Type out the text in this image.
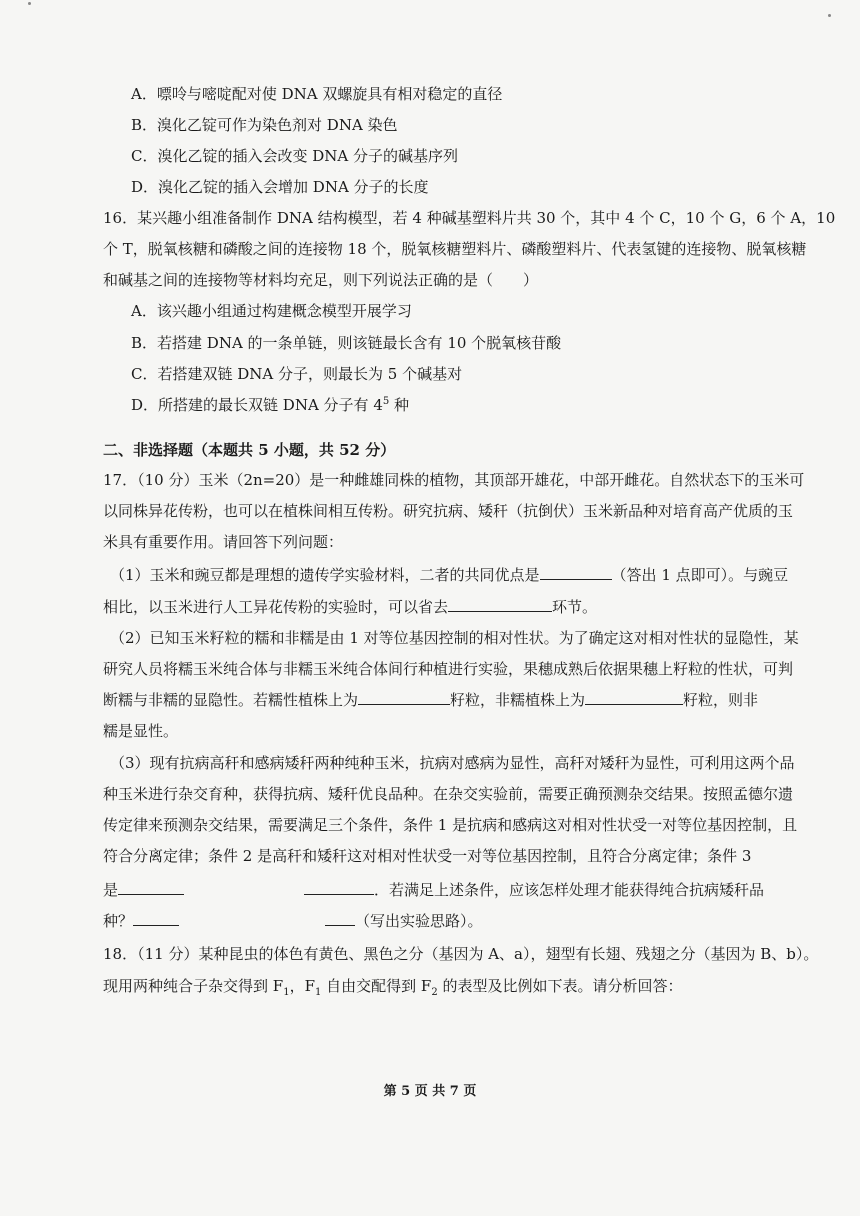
A．嘌呤与嘧啶配对使 DNA 双螺旋具有相对稳定的直径
B．溴化乙锭可作为染色剂对 DNA 染色
C．溴化乙锭的插入会改变 DNA 分子的碱基序列
D．溴化乙锭的插入会增加 DNA 分子的长度
16．某兴趣小组准备制作 DNA 结构模型，若 4 种碱基塑料片共 30 个，其中 4 个 C，10 个 G，6 个 A，10
个 T，脱氧核糖和磷酸之间的连接物 18 个，脱氧核糖塑料片、磷酸塑料片、代表氢键的连接物、脱氧核糖
和碱基之间的连接物等材料均充足，则下列说法正确的是（　　）
A．该兴趣小组通过构建概念模型开展学习
B．若搭建 DNA 的一条单链，则该链最长含有 10 个脱氧核苷酸
C．若搭建双链 DNA 分子，则最长为 5 个碱基对
D．所搭建的最长双链 DNA 分子有 $4^5$ 种
二、非选择题（本题共 5 小题，共 52 分）
17．（10 分）玉米（2n=20）是一种雌雄同株的植物，其顶部开雄花，中部开雌花。自然状态下的玉米可
以同株异花传粉，也可以在植株间相互传粉。研究抗病、矮秆（抗倒伏）玉米新品种对培育高产优质的玉
米具有重要作用。请回答下列问题：
（1）玉米和豌豆都是理想的遗传学实验材料，二者的共同优点是	（答出 1 点即可）。与豌豆
相比，以玉米进行人工异花传粉的实验时，可以省去	环节。
（2）已知玉米籽粒的糯和非糯是由 1 对等位基因控制的相对性状。为了确定这对相对性状的显隐性，某
研究人员将糯玉米纯合体与非糯玉米纯合体间行种植进行实验，果穗成熟后依据果穗上籽粒的性状，可判
断糯与非糯的显隐性。若糯性植株上为	籽粒，非糯植株上为	籽粒，则非
糯是显性。
（3）现有抗病高秆和感病矮秆两种纯种玉米，抗病对感病为显性，高秆对矮秆为显性，可利用这两个品
种玉米进行杂交育种，获得抗病、矮秆优良品种。在杂交实验前，需要正确预测杂交结果。按照孟德尔遗
传定律来预测杂交结果，需要满足三个条件，条件 1 是抗病和感病这对相对性状受一对等位基因控制，且
符合分离定律；条件 2 是高秆和矮秆这对相对性状受一对等位基因控制，且符合分离定律；条件 3
是	．若满足上述条件，应该怎样处理才能获得纯合抗病矮秆品
种？	（写出实验思路）。
18．（11 分）某种昆虫的体色有黄色、黑色之分（基因为 A、a），翅型有长翅、残翅之分（基因为 B、b）。
现用两种纯合子杂交得到 $F_1$，$F_1$ 自由交配得到 $F_2$ 的表型及比例如下表。请分析回答：
第 5 页 共 7 页
